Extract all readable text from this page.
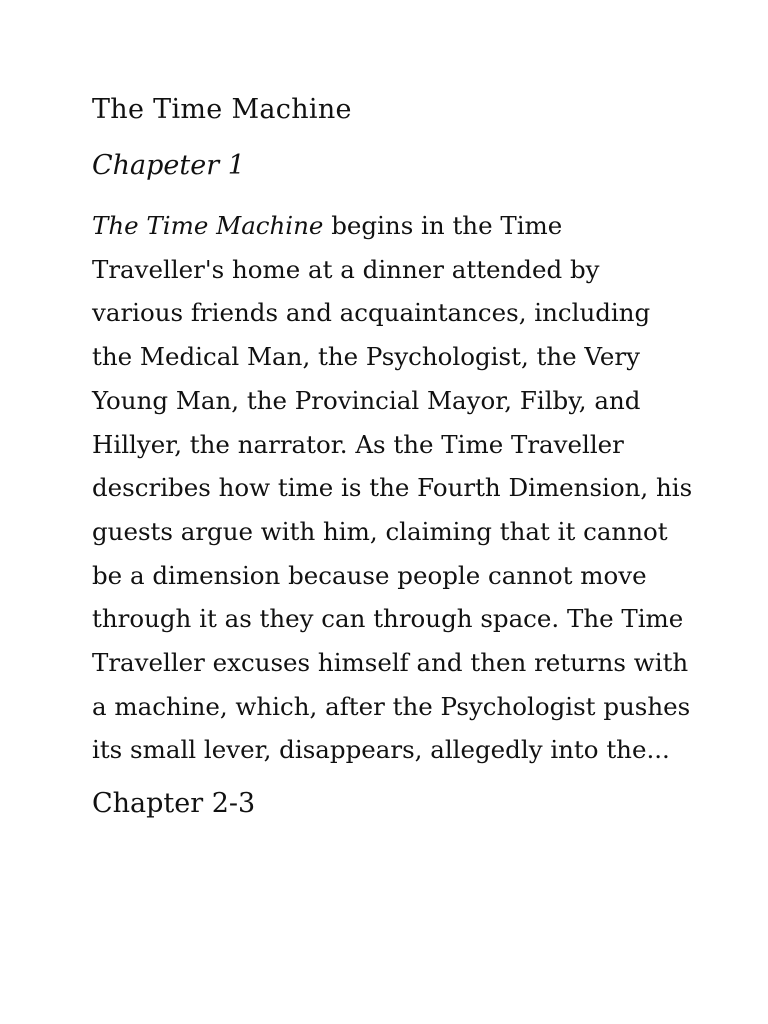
The Time Machine
Chapeter 1

The Time Machine begins in the Time
Traveller's home at a dinner attended by
various friends and acquaintances, including
the Medical Man, the Psychologist, the Very
Young Man, the Provincial Mayor, Filby, and
Hillyer, the narrator. As the Time Traveller
describes how time is the Fourth Dimension, his
guests argue with him, claiming that it cannot
be a dimension because people cannot move
through it as they can through space. The Time
Traveller excuses himself and then returns with
a machine, which, after the Psychologist pushes
its small lever, disappears, allegedly into the...

Chapter 2-3
